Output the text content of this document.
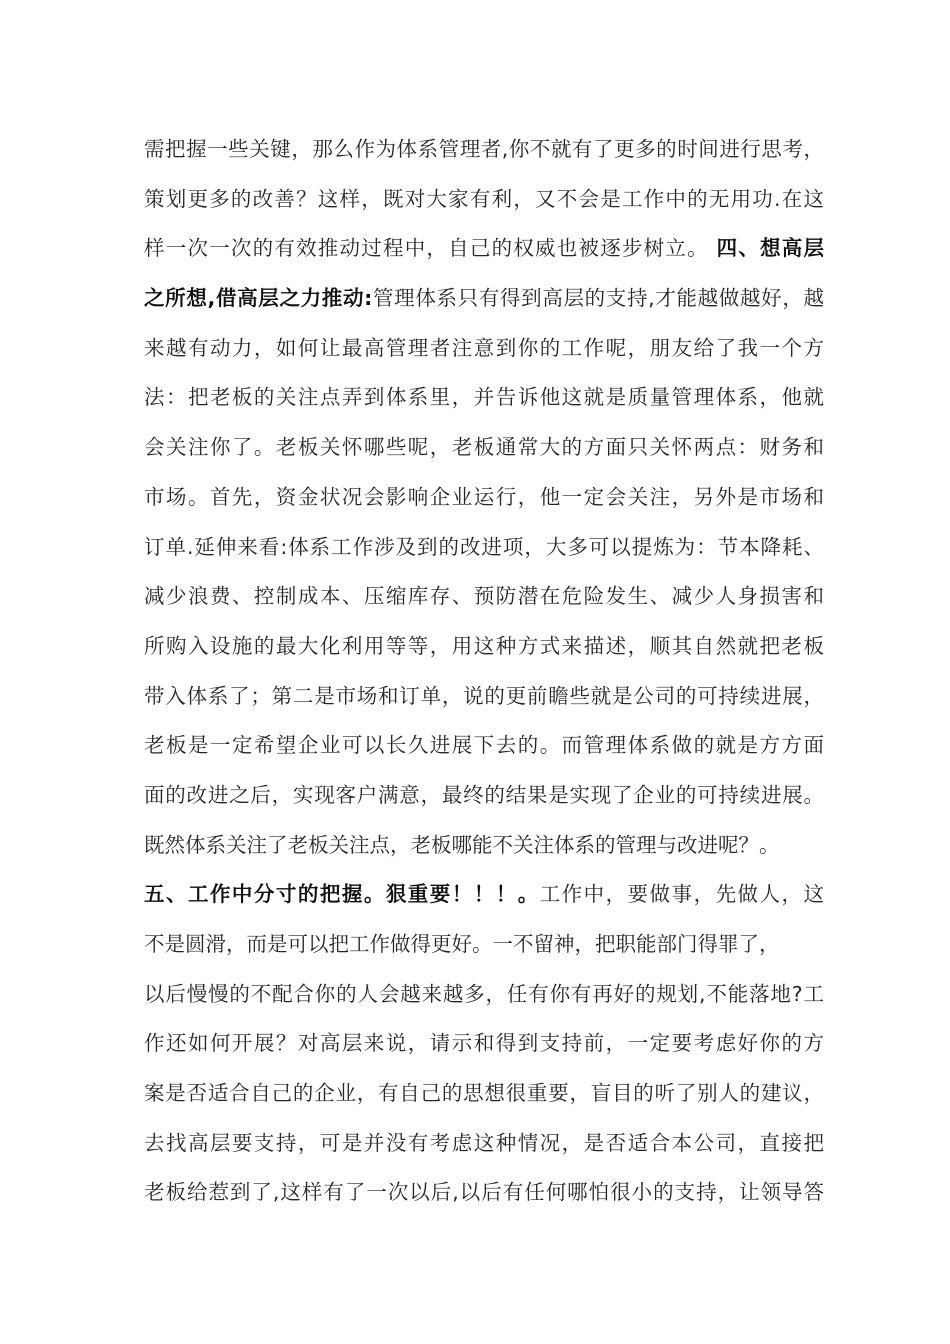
需把握一些关键，那么作为体系管理者,你不就有了更多的时间进行思考，
策划更多的改善？这样，既对大家有利，又不会是工作中的无用功.在这
样一次一次的有效推动过程中，自己的权威也被逐步树立。 四、想高层
之所想,借高层之力推动:管理体系只有得到高层的支持,才能越做越好，越
来越有动力，如何让最高管理者注意到你的工作呢，朋友给了我一个方
法：把老板的关注点弄到体系里，并告诉他这就是质量管理体系，他就
会关注你了。老板关怀哪些呢，老板通常大的方面只关怀两点：财务和
市场。首先，资金状况会影响企业运行，他一定会关注，另外是市场和
订单.延伸来看:体系工作涉及到的改进项，大多可以提炼为：节本降耗、
减少浪费、控制成本、压缩库存、预防潜在危险发生、减少人身损害和
所购入设施的最大化利用等等，用这种方式来描述，顺其自然就把老板
带入体系了；第二是市场和订单，说的更前瞻些就是公司的可持续进展，
老板是一定希望企业可以长久进展下去的。而管理体系做的就是方方面
面的改进之后，实现客户满意，最终的结果是实现了企业的可持续进展。
既然体系关注了老板关注点，老板哪能不关注体系的管理与改进呢？。
五、工作中分寸的把握。狠重要！！！。工作中，要做事，先做人，这
不是圆滑，而是可以把工作做得更好。一不留神，把职能部门得罪了，
以后慢慢的不配合你的人会越来越多，任有你有再好的规划,不能落地?工
作还如何开展？对高层来说，请示和得到支持前，一定要考虑好你的方
案是否适合自己的企业，有自己的思想很重要，盲目的听了别人的建议，
去找高层要支持，可是并没有考虑这种情况，是否适合本公司，直接把
老板给惹到了,这样有了一次以后,以后有任何哪怕很小的支持，让领导答
